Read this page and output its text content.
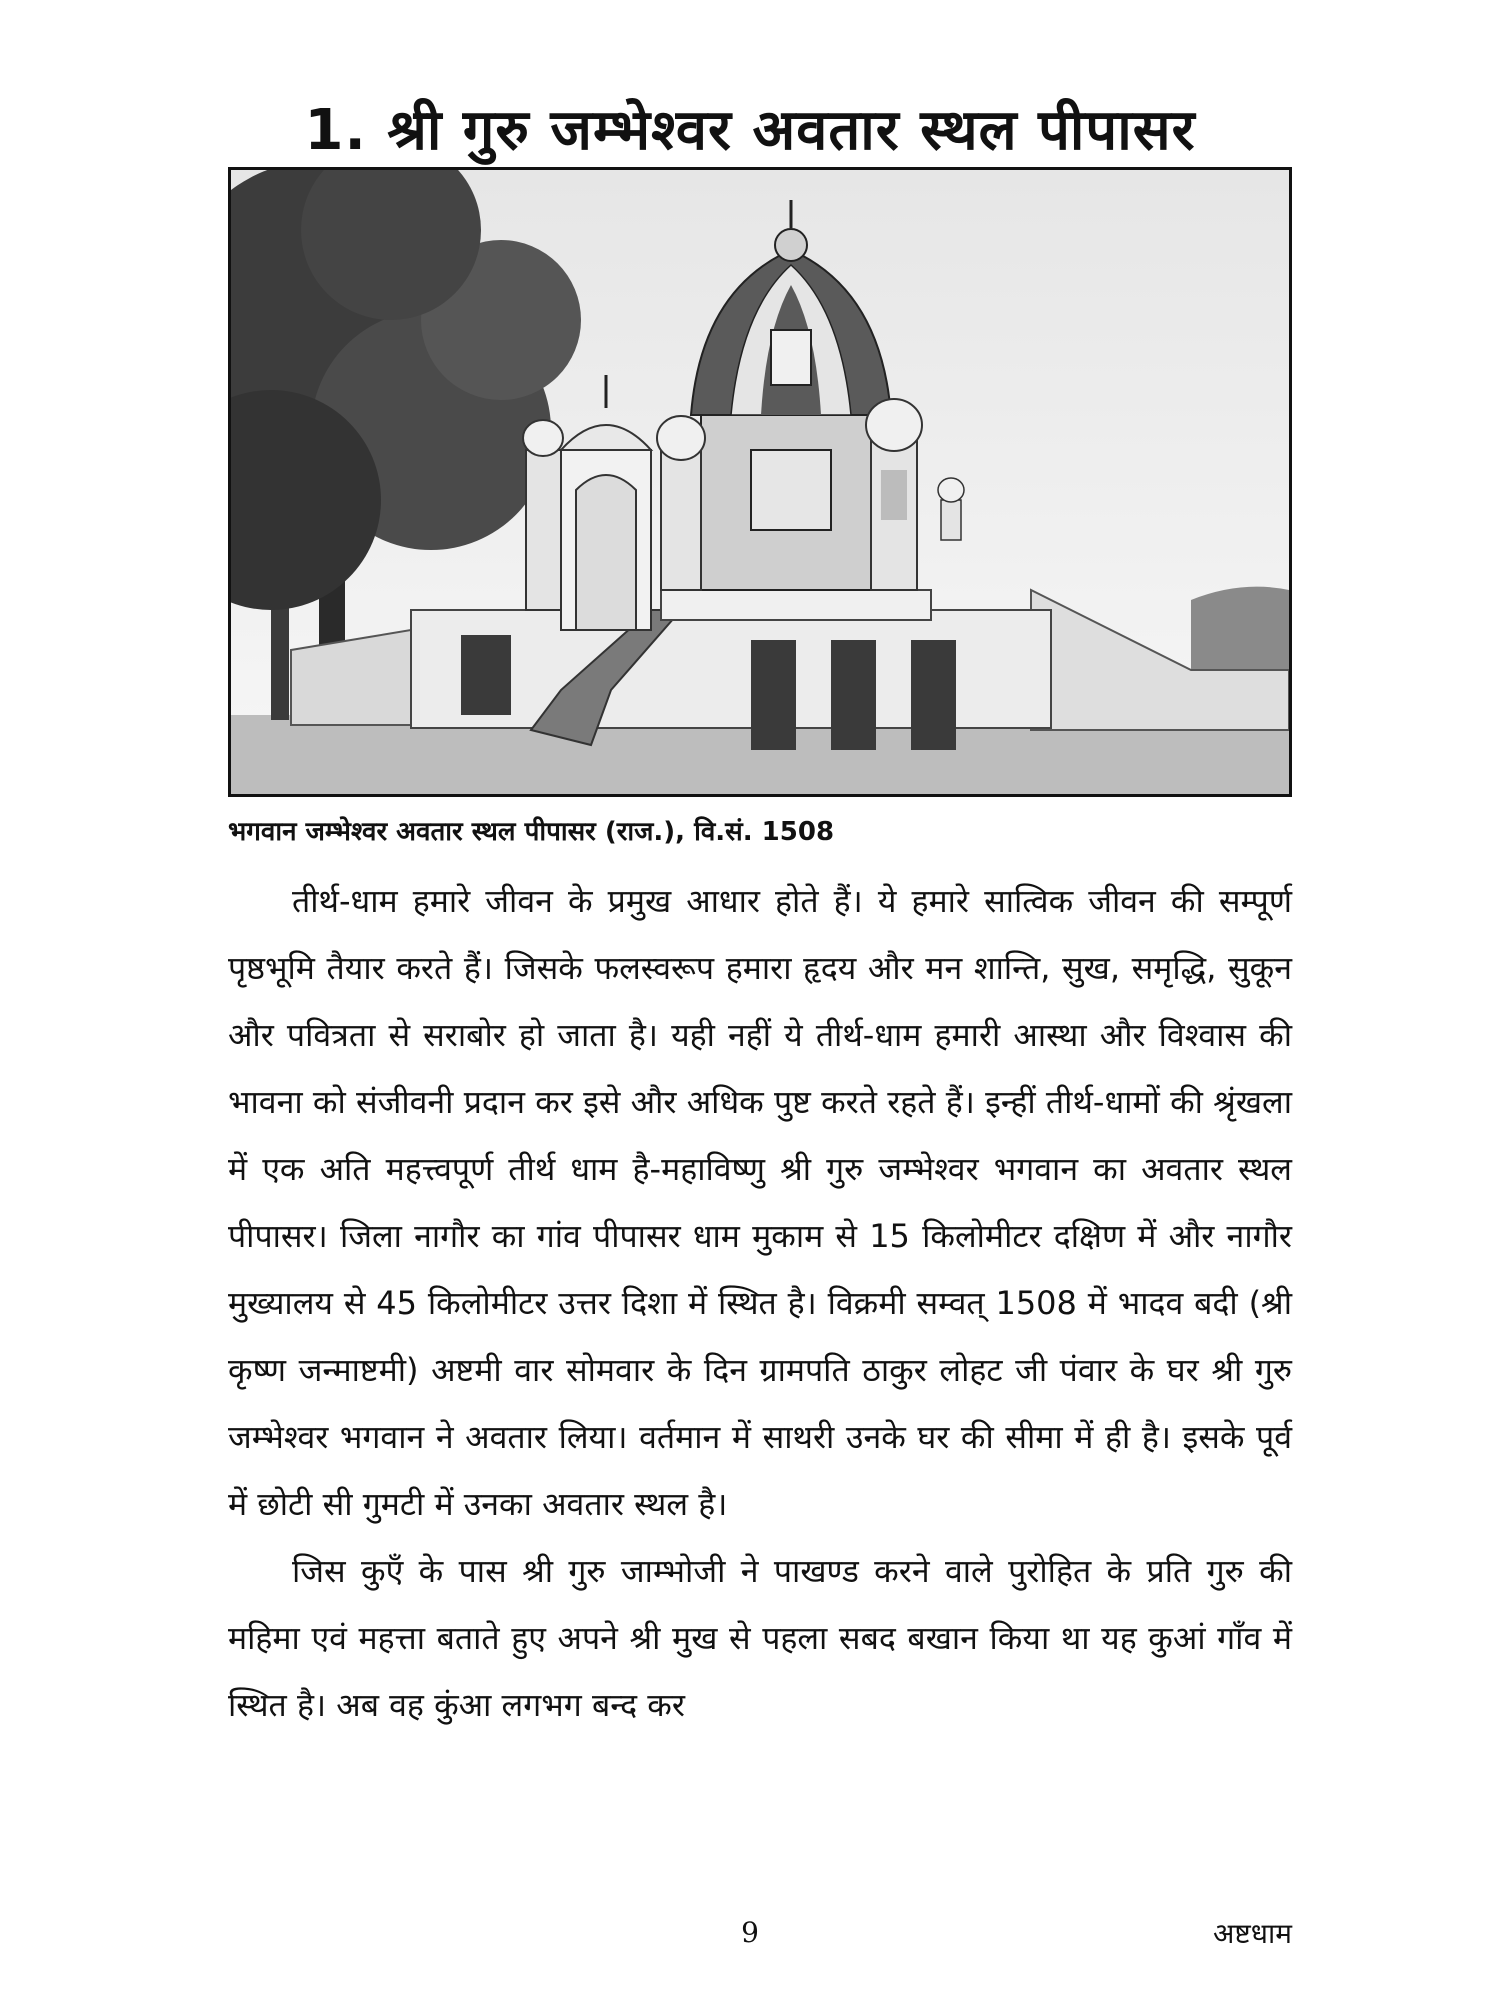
1. श्री गुरु जम्भेश्वर अवतार स्थल पीपासर
भगवान जम्भेश्वर अवतार स्थल पीपासर (राज.), वि.सं. 1508

तीर्थ-धाम हमारे जीवन के प्रमुख आधार होते हैं। ये हमारे सात्विक जीवन की सम्पूर्ण पृष्ठभूमि तैयार करते हैं। जिसके फलस्वरूप हमारा हृदय और मन शान्ति, सुख, समृद्धि, सुकून और पवित्रता से सराबोर हो जाता है। यही नहीं ये तीर्थ-धाम हमारी आस्था और विश्वास की भावना को संजीवनी प्रदान कर इसे और अधिक पुष्ट करते रहते हैं। इन्हीं तीर्थ-धामों की श्रृंखला में एक अति महत्त्वपूर्ण तीर्थ धाम है-महाविष्णु श्री गुरु जम्भेश्वर भगवान का अवतार स्थल पीपासर। जिला नागौर का गांव पीपासर धाम मुकाम से 15 किलोमीटर दक्षिण में और नागौर मुख्यालय से 45 किलोमीटर उत्तर दिशा में स्थित है। विक्रमी सम्वत् 1508 में भादव बदी (श्री कृष्ण जन्माष्टमी) अष्टमी वार सोमवार के दिन ग्रामपति ठाकुर लोहट जी पंवार के घर श्री गुरु जम्भेश्वर भगवान ने अवतार लिया। वर्तमान में साथरी उनके घर की सीमा में ही है। इसके पूर्व में छोटी सी गुमटी में उनका अवतार स्थल है।

जिस कुएँ के पास श्री गुरु जाम्भोजी ने पाखण्ड करने वाले पुरोहित के प्रति गुरु की महिमा एवं महत्ता बताते हुए अपने श्री मुख से पहला सबद बखान किया था यह कुआं गाँव में स्थित है। अब वह कुंआ लगभग बन्द कर

9	अष्टधाम
